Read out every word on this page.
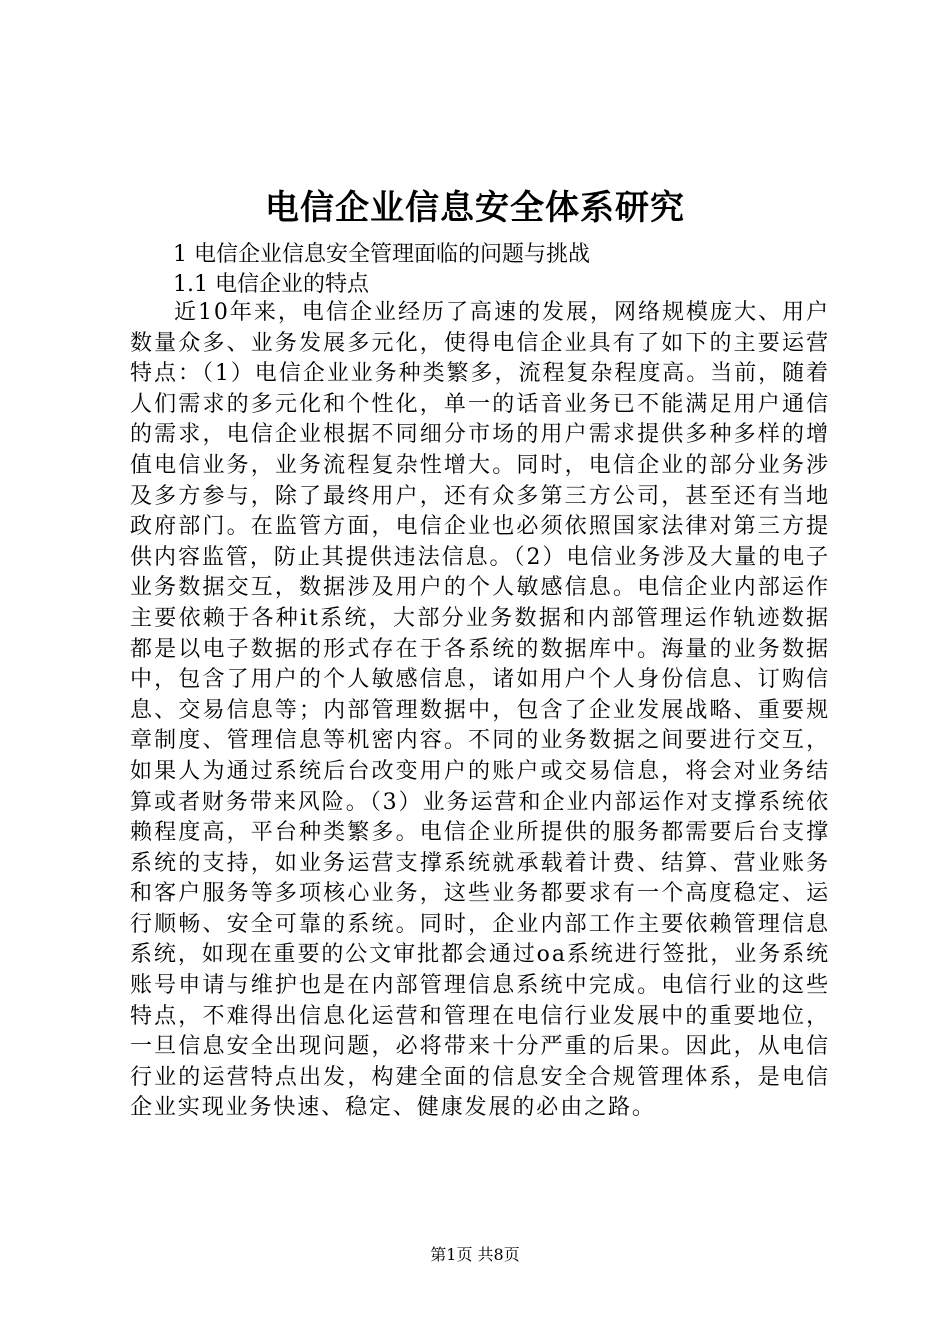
电信企业信息安全体系研究
1 电信企业信息安全管理面临的问题与挑战
1.1 电信企业的特点

近10年来，电信企业经历了高速的发展，网络规模庞大、用户数量众多、业务发展多元化，使得电信企业具有了如下的主要运营特点：（1）电信企业业务种类繁多，流程复杂程度高。当前，随着人们需求的多元化和个性化，单一的话音业务已不能满足用户通信的需求，电信企业根据不同细分市场的用户需求提供多种多样的增值电信业务，业务流程复杂性增大。同时，电信企业的部分业务涉及多方参与，除了最终用户，还有众多第三方公司，甚至还有当地政府部门。在监管方面，电信企业也必须依照国家法律对第三方提供内容监管，防止其提供违法信息。（2）电信业务涉及大量的电子业务数据交互，数据涉及用户的个人敏感信息。电信企业内部运作主要依赖于各种it系统，大部分业务数据和内部管理运作轨迹数据都是以电子数据的形式存在于各系统的数据库中。海量的业务数据中，包含了用户的个人敏感信息，诸如用户个人身份信息、订购信息、交易信息等；内部管理数据中，包含了企业发展战略、重要规章制度、管理信息等机密内容。不同的业务数据之间要进行交互，如果人为通过系统后台改变用户的账户或交易信息，将会对业务结算或者财务带来风险。（3）业务运营和企业内部运作对支撑系统依赖程度高，平台种类繁多。电信企业所提供的服务都需要后台支撑系统的支持，如业务运营支撑系统就承载着计费、结算、营业账务和客户服务等多项核心业务，这些业务都要求有一个高度稳定、运行顺畅、安全可靠的系统。同时，企业内部工作主要依赖管理信息系统，如现在重要的公文审批都会通过oa系统进行签批，业务系统账号申请与维护也是在内部管理信息系统中完成。电信行业的这些特点，不难得出信息化运营和管理在电信行业发展中的重要地位，一旦信息安全出现问题，必将带来十分严重的后果。因此，从电信行业的运营特点出发，构建全面的信息安全合规管理体系，是电信企业实现业务快速、稳定、健康发展的必由之路。

第1页 共8页
